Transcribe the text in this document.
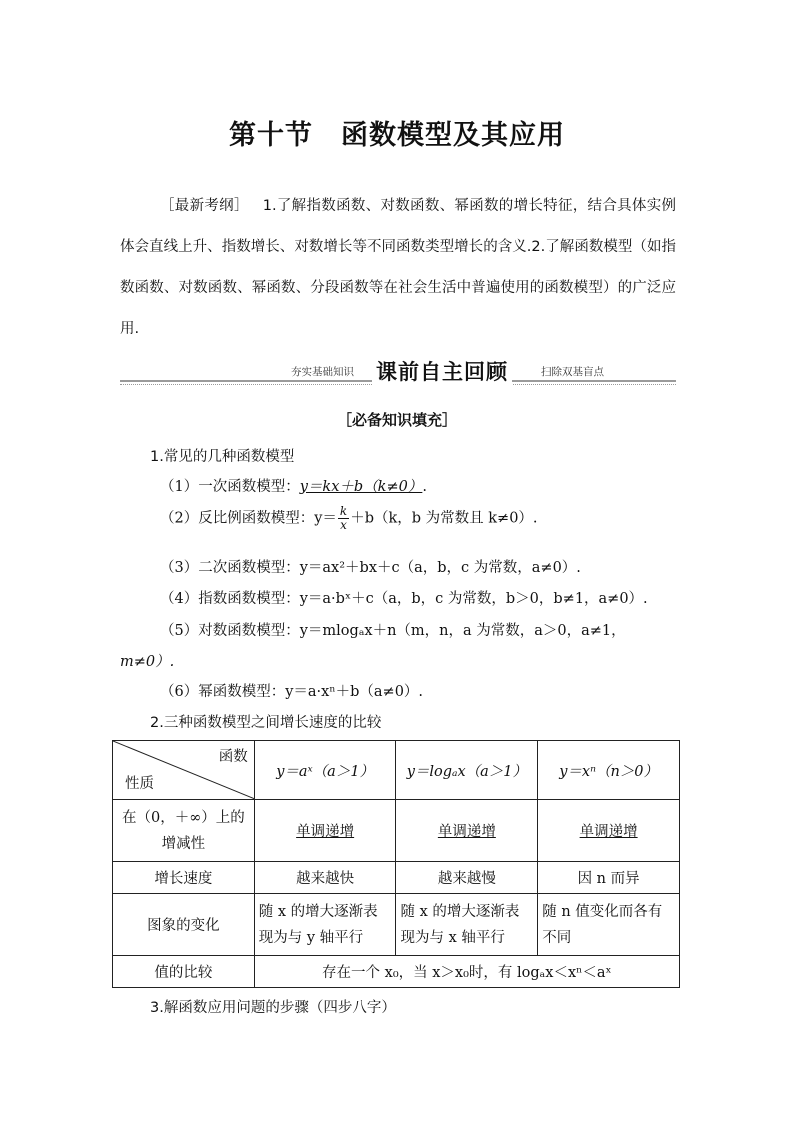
第十节　函数模型及其应用
［最新考纲］ 1.了解指数函数、对数函数、幂函数的增长特征，结合具体实例体会直线上升、指数增长、对数增长等不同函数类型增长的含义.2.了解函数模型（如指数函数、对数函数、幂函数、分段函数等在社会生活中普遍使用的函数模型）的广泛应用.
夯实基础知识 课前自主回顾	扫除双基盲点
［必备知识填充］
1.常见的几种函数模型
（1）一次函数模型：y＝kx＋b（k≠0）.
（2）反比例函数模型：$y= \frac{k}{x} +b(k$，b 为常数且 k≠0）.
（3）二次函数模型：y＝ax²＋bx＋c（a，b，c 为常数，a≠0）.
（4）指数函数模型：y＝a·bˣ＋c（a，b，c 为常数，b＞0，b≠1，a≠0）.
（5）对数函数模型：y＝mlogₐx＋n（m，n，a 为常数，a＞0，a≠1，
m≠0）.
（6）幂函数模型：y＝a·xⁿ＋b（a≠0）.
2.三种函数模型之间增长速度的比较
函数
性质	y＝aˣ（a＞1）	y＝logₐx（a＞1）	y＝xⁿ（n＞0）
在（0，＋∞）上的增减性	单调递增	单调递增	单调递增
增长速度	越来越快	越来越慢	因 n 而异
图象的变化	随 x 的增大逐渐表现为与 y 轴平行	随 x 的增大逐渐表现为与 x 轴平行	随 n 值变化而各有不同
值的比较	存在一个 x₀，当 x＞x₀时，有 logₐx＜xⁿ＜aˣ		
3.解函数应用问题的步骤（四步八字）
